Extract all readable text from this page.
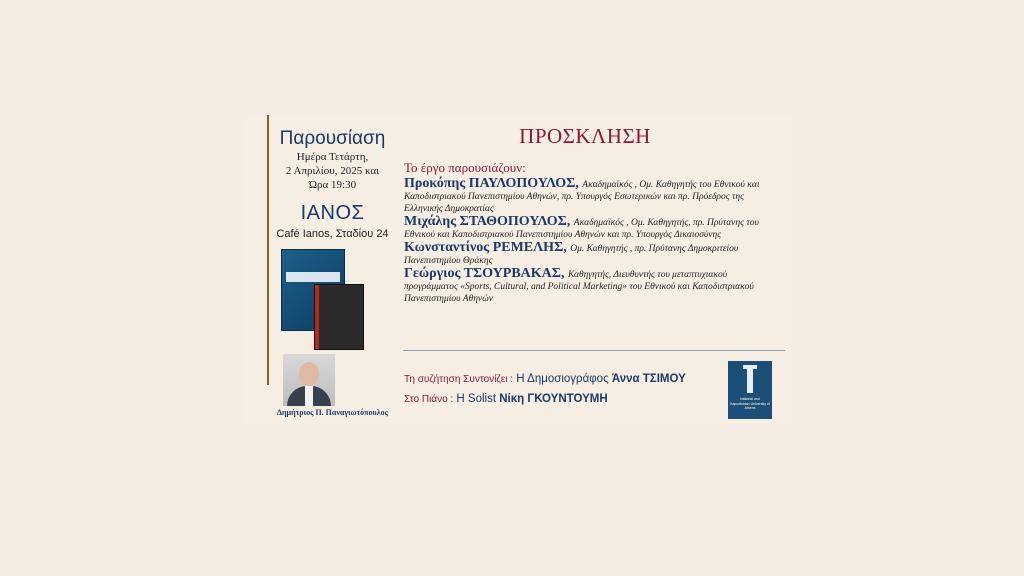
Παρουσίαση
Ημέρα Τετάρτη,
2 Απριλίου, 2025 και
Ώρα 19:30
ΙΑΝΟΣ
Café Ianos, Σταδίου 24
Δημήτριος Π. Παναγιωτόπουλος
ΠΡΟΣΚΛΗΣΗ
Το έργο παρουσιάζουν:
Προκόπης ΠΑΥΛΟΠΟΥΛΟΣ, Ακαδημαϊκός , Ομ. Καθηγητής του Εθνικού και Καποδιστριακού Πανεπιστημίου Αθηνών, πρ. Υπουργός Εσωτερικών και πρ. Πρόεδρος της Ελληνικής Δημοκρατίας
Μιχάλης ΣΤΑΘΟΠΟΥΛΟΣ, Ακαδημαϊκός , Ομ. Καθηγητής, πρ. Πρύτανης του Εθνικού και Καποδιστριακού Πανεπιστημίου Αθηνών και πρ. Υπουργός Δικαιοσύνης
Κωνσταντίνος ΡΕΜΕΛΗΣ, Ομ. Καθηγητής , πρ. Πρύτανης Δημοκριτείου Πανεπιστημίου Θράκης
Γεώργιος ΤΣΟΥΡΒΑΚΑΣ, Καθηγητής, Διευθυντής του μεταπτυχιακού προγράμματος «Sports, Cultural, and Political Marketing» του Εθνικού και Καποδιστριακού Πανεπιστημίου Αθηνών
Τη συζήτηση Συντονίζει : Η Δημοσιογράφος Άννα ΤΣΙΜΟΥ
Στο Πιάνο : Η Solist Νίκη ΓΚΟΥΝΤΟΥΜΗ	National and Kapodistrian University of Athens
